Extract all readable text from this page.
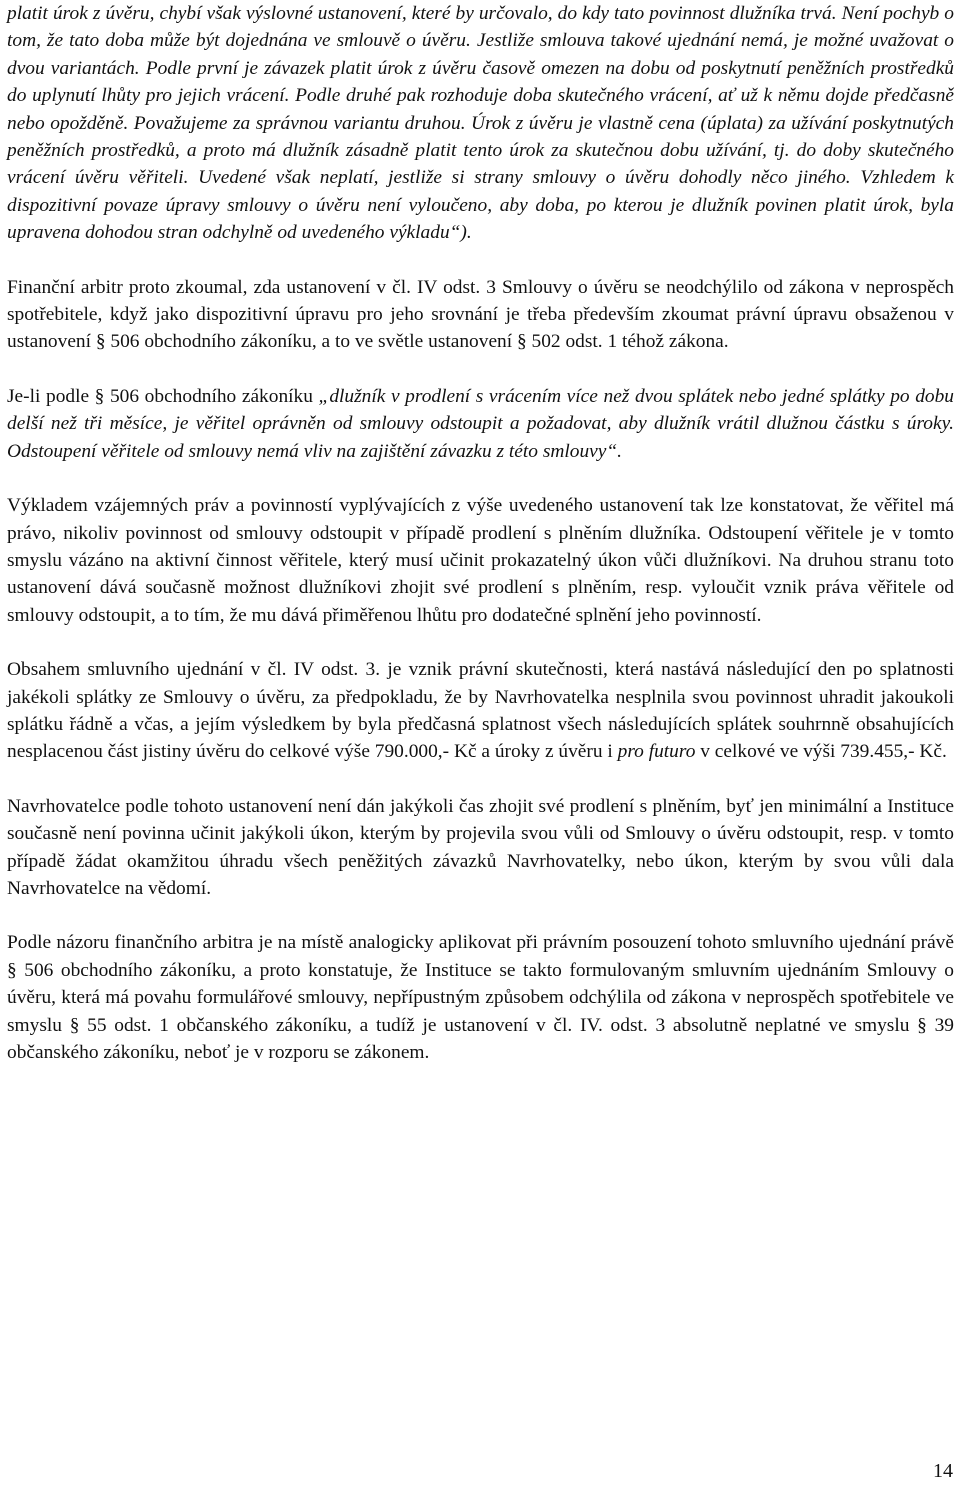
platit úrok z úvěru, chybí však výslovné ustanovení, které by určovalo, do kdy tato povinnost dlužníka trvá. Není pochyb o tom, že tato doba může být dojednána ve smlouvě o úvěru. Jestliže smlouva takové ujednání nemá, je možné uvažovat o dvou variantách. Podle první je závazek platit úrok z úvěru časově omezen na dobu od poskytnutí peněžních prostředků do uplynutí lhůty pro jejich vrácení. Podle druhé pak rozhoduje doba skutečného vrácení, ať už k němu dojde předčasně nebo opožděně. Považujeme za správnou variantu druhou. Úrok z úvěru je vlastně cena (úplata) za užívání poskytnutých peněžních prostředků, a proto má dlužník zásadně platit tento úrok za skutečnou dobu užívání, tj. do doby skutečného vrácení úvěru věřiteli. Uvedené však neplatí, jestliže si strany smlouvy o úvěru dohodly něco jiného. Vzhledem k dispozitivní povaze úpravy smlouvy o úvěru není vyloučeno, aby doba, po kterou je dlužník povinen platit úrok, byla upravena dohodou stran odchylně od uvedeného výkladu“).

Finanční arbitr proto zkoumal, zda ustanovení v čl. IV odst. 3 Smlouvy o úvěru se neodchýlilo od zákona v neprospěch spotřebitele, když jako dispozitivní úpravu pro jeho srovnání je třeba především zkoumat právní úpravu obsaženou v ustanovení § 506 obchodního zákoníku, a to ve světle ustanovení § 502 odst. 1 téhož zákona.

Je-li podle § 506 obchodního zákoníku „dlužník v prodlení s vrácením více než dvou splátek nebo jedné splátky po dobu delší než tři měsíce, je věřitel oprávněn od smlouvy odstoupit a požadovat, aby dlužník vrátil dlužnou částku s úroky. Odstoupení věřitele od smlouvy nemá vliv na zajištění závazku z této smlouvy“.

Výkladem vzájemných práv a povinností vyplývajících z výše uvedeného ustanovení tak lze konstatovat, že věřitel má právo, nikoliv povinnost od smlouvy odstoupit v případě prodlení s plněním dlužníka. Odstoupení věřitele je v tomto smyslu vázáno na aktivní činnost věřitele, který musí učinit prokazatelný úkon vůči dlužníkovi. Na druhou stranu toto ustanovení dává současně možnost dlužníkovi zhojit své prodlení s plněním, resp. vyloučit vznik práva věřitele od smlouvy odstoupit, a to tím, že mu dává přiměřenou lhůtu pro dodatečné splnění jeho povinností.

Obsahem smluvního ujednání v čl. IV odst. 3. je vznik právní skutečnosti, která nastává následující den po splatnosti jakékoli splátky ze Smlouvy o úvěru, za předpokladu, že by Navrhovatelka nesplnila svou povinnost uhradit jakoukoli splátku řádně a včas, a jejím výsledkem by byla předčasná splatnost všech následujících splátek souhrnně obsahujících nesplacenou část jistiny úvěru do celkové výše 790.000,- Kč a úroky z úvěru i pro futuro v celkové ve výši 739.455,- Kč.

Navrhovatelce podle tohoto ustanovení není dán jakýkoli čas zhojit své prodlení s plněním, byť jen minimální a Instituce současně není povinna učinit jakýkoli úkon, kterým by projevila svou vůli od Smlouvy o úvěru odstoupit, resp. v tomto případě žádat okamžitou úhradu všech peněžitých závazků Navrhovatelky, nebo úkon, kterým by svou vůli dala Navrhovatelce na vědomí.

Podle názoru finančního arbitra je na místě analogicky aplikovat při právním posouzení tohoto smluvního ujednání právě § 506 obchodního zákoníku, a proto konstatuje, že Instituce se takto formulovaným smluvním ujednáním Smlouvy o úvěru, která má povahu formulářové smlouvy, nepřípustným způsobem odchýlila od zákona v neprospěch spotřebitele ve smyslu § 55 odst. 1 občanského zákoníku, a tudíž je ustanovení v čl. IV. odst. 3 absolutně neplatné ve smyslu § 39 občanského zákoníku, neboť je v rozporu se zákonem.

14
